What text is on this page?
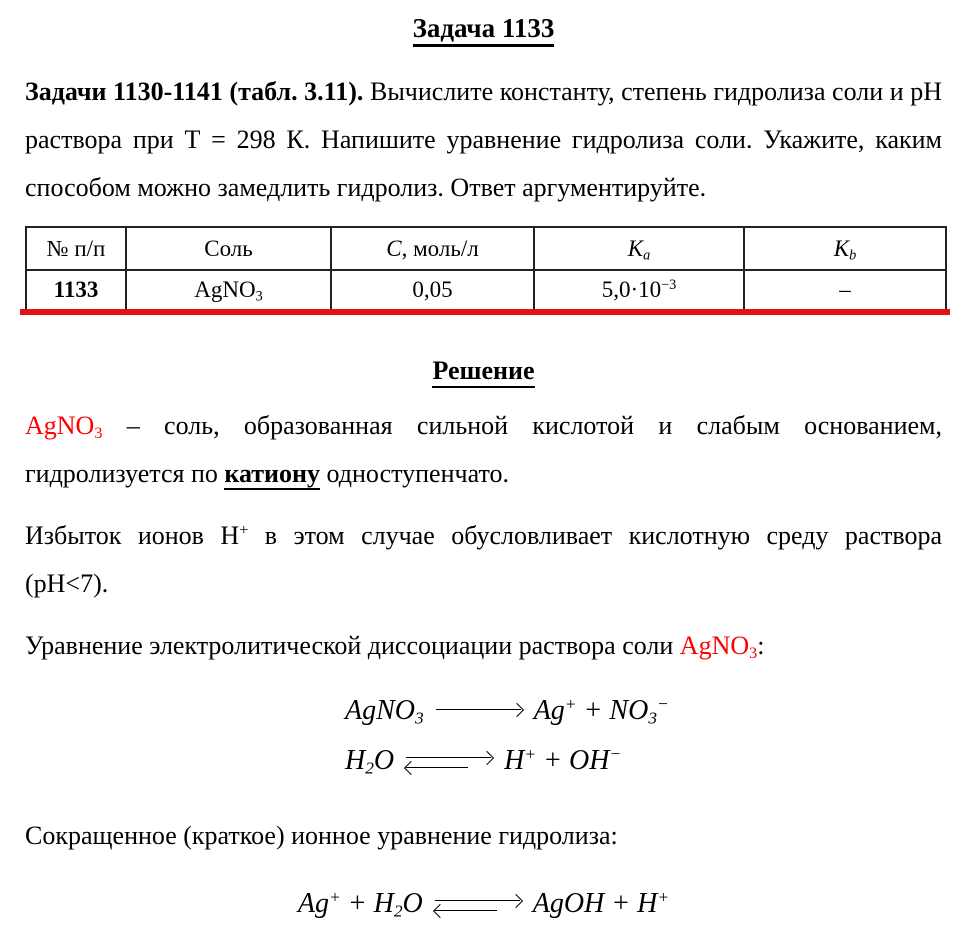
Задача 1133

Задачи 1130-1141 (табл. 3.11). Вычислите константу, степень гидролиза соли и pH раствора при Т = 298 К. Напишите уравнение гидролиза соли. Укажите, каким способом можно замедлить гидролиз. Ответ аргументируйте.

№ п/п	Соль	С, моль/л	$K_a$	$K_b$
1133	AgNO$_3$	0,05	$5,0\cdot 10^{-3}$	–
Решение

AgNO$_3$ – соль, образованная сильной кислотой и слабым основанием, гидролизуется по катиону одноступенчато.

Избыток ионов H+ в этом случае обусловливает кислотную среду раствора (pH<7).

Уравнение электролитической диссоциации раствора соли AgNO$_3$:

AgNO$_3$	$Ag^+ + NO_3^-$
$H_2O$	H+ + OH−

Сокращенное (краткое) ионное уравнение гидролиза:

$Ag^+ + H_2O$	AgOH + H+
